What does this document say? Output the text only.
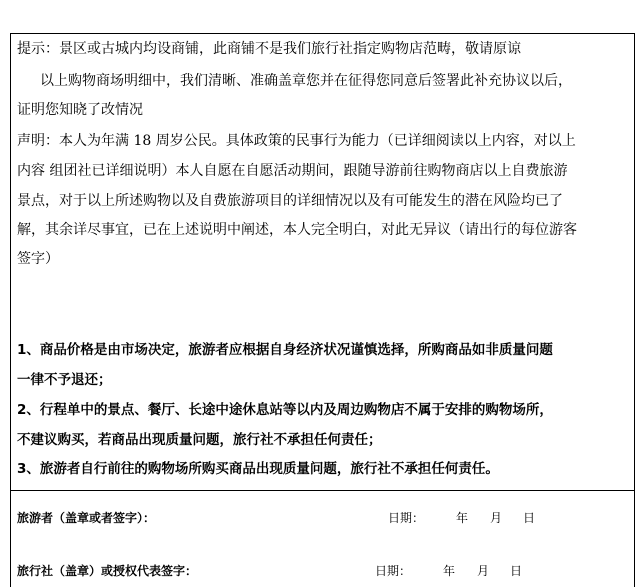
提示：景区或古城内均设商铺，此商铺不是我们旅行社指定购物店范畴，敬请原谅
以上购物商场明细中，我们清晰、准确盖章您并在征得您同意后签署此补充协议以后，
证明您知晓了改情况
声明：本人为年满 18 周岁公民。具体政策的民事行为能力（已详细阅读以上内容，对以上
内容 组团社已详细说明）本人自愿在自愿活动期间，跟随导游前往购物商店以上自费旅游
景点，对于以上所述购物以及自费旅游项目的详细情况以及有可能发生的潜在风险均已了
解，其余详尽事宜，已在上述说明中阐述，本人完全明白，对此无异议（请出行的每位游客
签字）
1、商品价格是由市场决定，旅游者应根据自身经济状况谨慎选择，所购商品如非质量问题
一律不予退还；
2、行程单中的景点、餐厅、长途中途休息站等以内及周边购物店不属于安排的购物场所，
不建议购买，若商品出现质量问题，旅行社不承担任何责任；
3、旅游者自行前往的购物场所购买商品出现质量问题，旅行社不承担任何责任。
旅游者（盖章或者签字）：	日期：	年 月 日
旅行社（盖章）或授权代表签字：	日期：	年 月 日
